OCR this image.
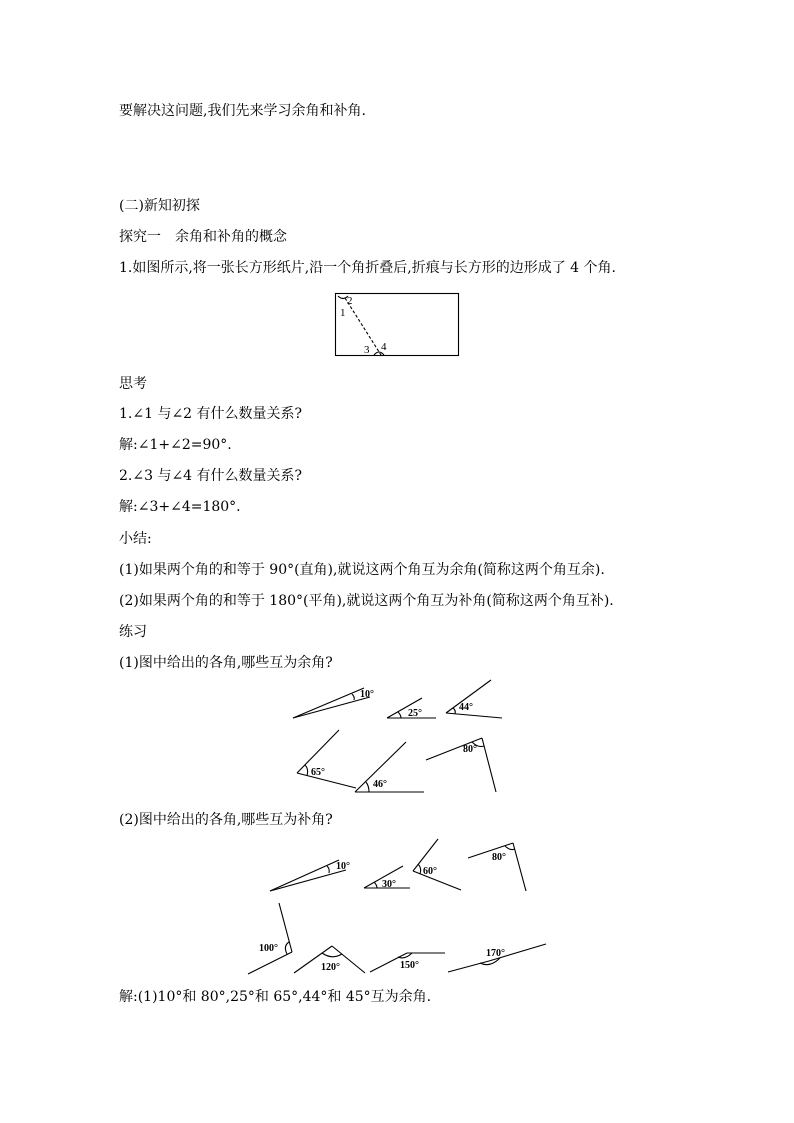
要解决这问题,我们先来学习余角和补角.
(二)新知初探
探究一　余角和补角的概念
1.如图所示,将一张长方形纸片,沿一个角折叠后,折痕与长方形的边形成了 4 个角.
2
1
3 4
思考
1.∠1 与∠2 有什么数量关系?
解:∠1+∠2=90°.
2.∠3 与∠4 有什么数量关系?
解:∠3+∠4=180°.
小结:
(1)如果两个角的和等于 90°(直角),就说这两个角互为余角(简称这两个角互余).
(2)如果两个角的和等于 180°(平角),就说这两个角互为补角(简称这两个角互补).
练习
(1)图中给出的各角,哪些互为余角?
10°
25°
44°
65°
46°
80°
(2)图中给出的各角,哪些互为补角?
10°
30°
60°
80°
100°
120°	150°
170°
解:(1)10°和 80°,25°和 65°,44°和 45°互为余角.
